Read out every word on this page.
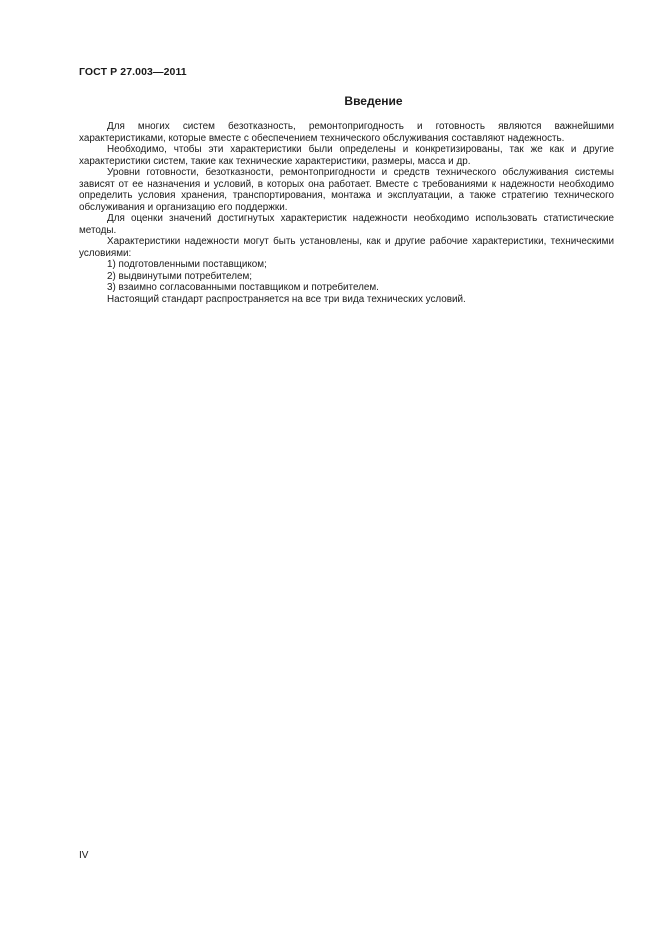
ГОСТ Р 27.003—2011
Введение

Для многих систем безотказность, ремонтопригодность и готовность являются важнейшими характеристиками, которые вместе с обеспечением технического обслуживания составляют надежность.

Необходимо, чтобы эти характеристики были определены и конкретизированы, так же как и другие характеристики систем, такие как технические характеристики, размеры, масса и др.

Уровни готовности, безотказности, ремонтопригодности и средств технического обслуживания системы зависят от ее назначения и условий, в которых она работает. Вместе с требованиями к надежности необходимо определить условия хранения, транспортирования, монтажа и эксплуатации, а также стратегию технического обслуживания и организацию его поддержки.

Для оценки значений достигнутых характеристик надежности необходимо использовать статистические методы.

Характеристики надежности могут быть установлены, как и другие рабочие характеристики, техническими условиями:

1) подготовленными поставщиком;

2) выдвинутыми потребителем;

3) взаимно согласованными поставщиком и потребителем.

Настоящий стандарт распространяется на все три вида технических условий.

IV
